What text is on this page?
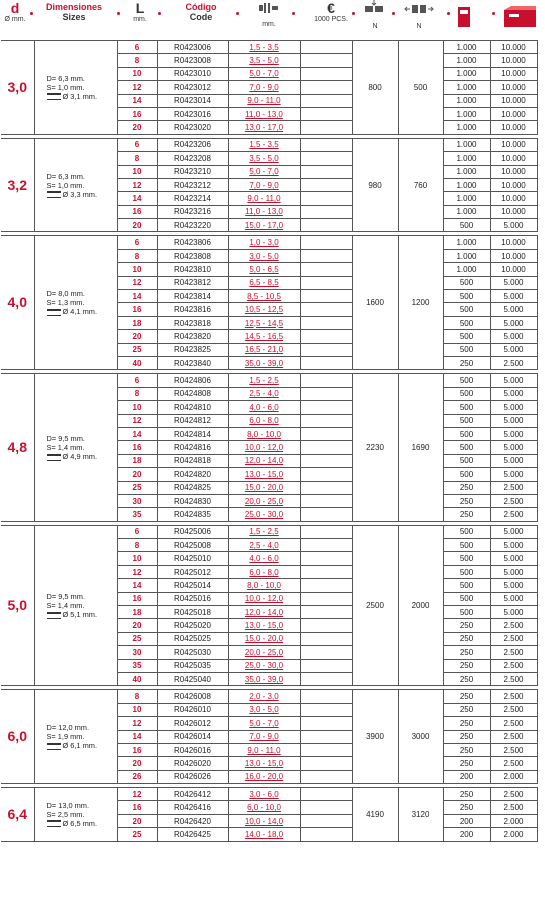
d
Ø mm.
Dimensiones
Sizes
L
mm.
Código
Code
mm.
€
1000 PCS.
N	N
3,0	D= 6,3 mm.
S= 1,0 mm.
Ø 3,1 mm.	6	R0423006	1,5 - 3,5		800	500	1.000	10.000
		8	R0423008	3,5 - 5,0				1.000	10.000
		10	R0423010	5,0 - 7,0				1.000	10.000
		12	R0423012	7,0 - 9,0				1.000	10.000
		14	R0423014	9,0 - 11,0				1.000	10.000
		16	R0423016	11,0 - 13,0				1.000	10.000
		20	R0423020	13,0 - 17,0				1.000	10.000

3,2	D= 6,3 mm.
S= 1,0 mm.
Ø 3,3 mm.	6	R0423206	1,5 - 3,5		980	760	1.000	10.000
		8	R0423208	3,5 - 5,0				1.000	10.000
		10	R0423210	5,0 - 7,0				1.000	10.000
		12	R0423212	7,0 - 9,0				1.000	10.000
		14	R0423214	9,0 - 11,0				1.000	10.000
		16	R0423216	11,0 - 13,0				1.000	10.000
		20	R0423220	15,0 - 17,0				500	5.000

4,0	D= 8,0 mm.
S= 1,3 mm.
Ø 4,1 mm.	6	R0423806	1,0 - 3,0		1600	1200	1.000	10.000
		8	R0423808	3,0 - 5,0				1.000	10.000
		10	R0423810	5,0 - 6,5				1.000	10.000
		12	R0423812	6,5 - 8,5				500	5.000
		14	R0423814	8,5 - 10,5				500	5.000
		16	R0423816	10,5 - 12,5				500	5.000
		18	R0423818	12,5 - 14,5				500	5.000
		20	R0423820	14,5 - 16,5				500	5.000
		25	R0423825	16,5 - 21,0				500	5.000
		40	R0423840	35,0 - 39,0				250	2.500

4,8	D= 9,5 mm.
S= 1,4 mm.
Ø 4,9 mm.	6	R0424806	1,5 - 2,5		2230	1690	500	5.000
		8	R0424808	2,5 - 4,0				500	5.000
		10	R0424810	4,0 - 6,0				500	5.000
		12	R0424812	6,0 - 8,0				500	5.000
		14	R0424814	8,0 - 10,0				500	5.000
		16	R0424816	10,0 - 12,0				500	5.000
		18	R0424818	12,0 - 14,0				500	5.000
		20	R0424820	13,0 - 15,0				500	5.000
		25	R0424825	15,0 - 20,0				250	2.500
		30	R0424830	20,0 - 25,0				250	2.500
		35	R0424835	25,0 - 30,0				250	2.500

5,0	D= 9,5 mm.
S= 1,4 mm.
Ø 5,1 mm.	6	R0425006	1,5 - 2,5		2500	2000	500	5.000
		8	R0425008	2,5 - 4,0				500	5.000
		10	R0425010	4,0 - 6,0				500	5.000
		12	R0425012	6,0 - 8,0				500	5.000
		14	R0425014	8,0 - 10,0				500	5.000
		16	R0425016	10,0 - 12,0				500	5.000
		18	R0425018	12,0 - 14,0				500	5.000
		20	R0425020	13,0 - 15,0				250	2.500
		25	R0425025	15,0 - 20,0				250	2.500
		30	R0425030	20,0 - 25,0				250	2.500
		35	R0425035	25,0 - 30,0				250	2.500
		40	R0425040	35,0 - 39,0				250	2.500

6,0	D= 12,0 mm.
S= 1,9 mm.
Ø 6,1 mm.	8	R0426008	2,0 - 3,0		3900	3000	250	2.500
		10	R0426010	3,0 - 5,0				250	2.500
		12	R0426012	5,0 - 7,0				250	2.500
		14	R0426014	7,0 - 9,0				250	2.500
		16	R0426016	9,0 - 11,0				250	2.500
		20	R0426020	13,0 - 15,0				250	2.500
		26	R0426026	16,0 - 20,0				200	2.000

6,4	D= 13,0 mm.
S= 2,5 mm.
Ø 6,5 mm.	12	R0426412	3,0 - 6,0		4190	3120	250	2.500
		16	R0426416	6,0 - 10,0				250	2.500
		20	R0426420	10,0 - 14,0				200	2.000
		25	R0426425	14,0 - 18,0				200	2.000
